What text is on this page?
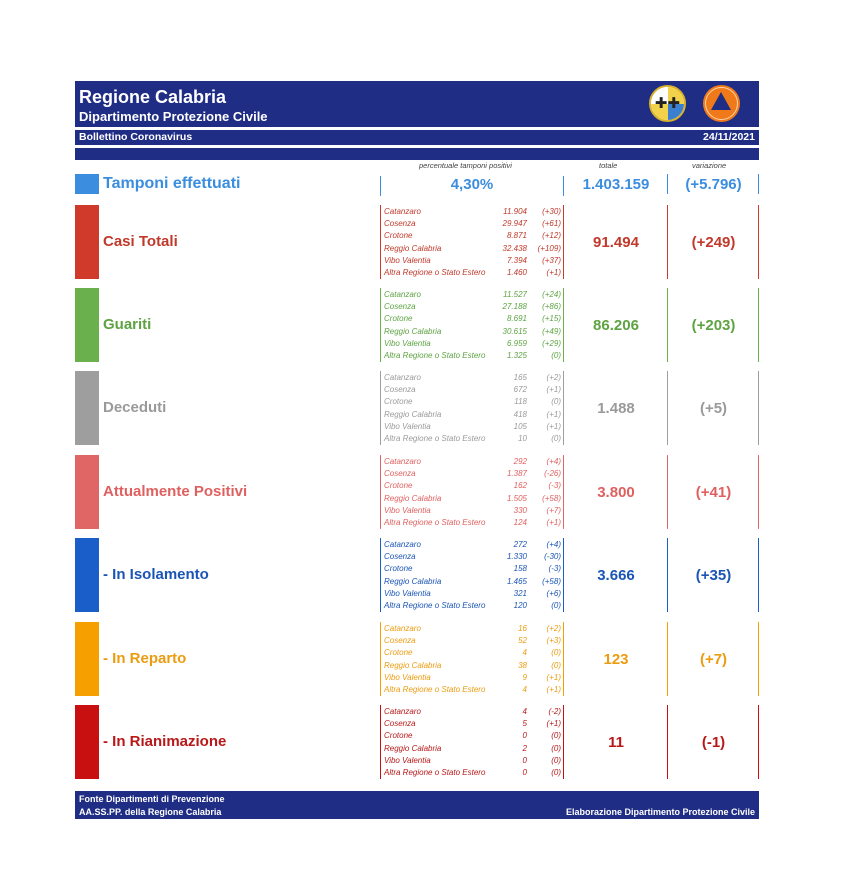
Regione Calabria
Dipartimento Protezione Civile
✚✚
Bollettino Coronavirus	24/11/2021
percentuale tamponi positivi	totale	variazione
Tamponi effettuati	4,30%	1.403.159	(+5.796)
Casi Totali
Catanzaro	11.904 (+30)
Cosenza	29.947 (+61)
Crotone	8.871 (+12)
Reggio Calabria	32.438 (+109)
Vibo Valentia	7.394 (+37)
Altra Regione o Stato Estero	1.460 (+1)
91.494	(+249)
Guariti
Catanzaro	11.527 (+24)
Cosenza	27.188 (+86)
Crotone	8.691 (+15)
Reggio Calabria	30.615 (+49)
Vibo Valentia	6.959 (+29)
Altra Regione o Stato Estero	1.325	(0)
86.206	(+203)
Deceduti
Catanzaro	165 (+2)
Cosenza	672 (+1)
Crotone	118	(0)
Reggio Calabria	418 (+1)
Vibo Valentia	105 (+1)
Altra Regione o Stato Estero	10	(0)
1.488	(+5)
Attualmente Positivi
Catanzaro	292 (+4)
Cosenza	1.387 (-26)
Crotone	162	(-3)
Reggio Calabria	1.505 (+58)
Vibo Valentia	330 (+7)
Altra Regione o Stato Estero	124 (+1)
3.800	(+41)
- In Isolamento
Catanzaro	272 (+4)
Cosenza	1.330 (-30)
Crotone	158	(-3)
Reggio Calabria	1.465 (+58)
Vibo Valentia	321 (+6)
Altra Regione o Stato Estero	120	(0)
3.666	(+35)
- In Reparto
Catanzaro	16 (+2)
Cosenza	52 (+3)
Crotone	4	(0)
Reggio Calabria	38	(0)
Vibo Valentia	9 (+1)
Altra Regione o Stato Estero	4 (+1)
123	(+7)
- In Rianimazione
Catanzaro	4	(-2)
Cosenza	5 (+1)
Crotone	0	(0)
Reggio Calabria	2	(0)
Vibo Valentia	0	(0)
Altra Regione o Stato Estero	0	(0)
11	(-1)
Fonte Dipartimenti di Prevenzione
AA.SS.PP. della Regione Calabria	Elaborazione Dipartimento Protezione Civile
